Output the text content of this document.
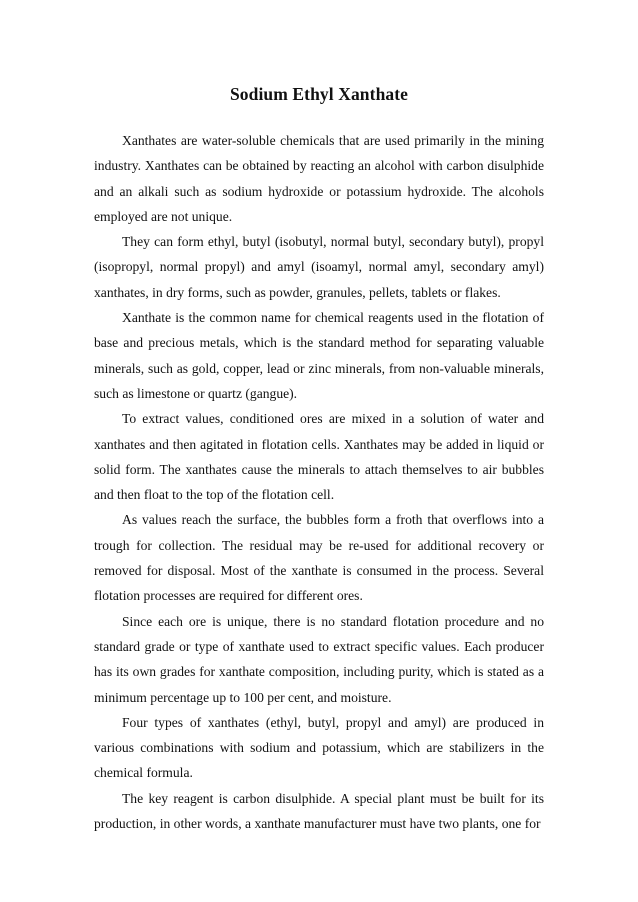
Sodium Ethyl Xanthate

Xanthates are water-soluble chemicals that are used primarily in the mining industry. Xanthates can be obtained by reacting an alcohol with carbon disulphide and an alkali such as sodium hydroxide or potassium hydroxide. The alcohols employed are not unique.

They can form ethyl, butyl (isobutyl, normal butyl, secondary butyl), propyl (isopropyl, normal propyl) and amyl (isoamyl, normal amyl, secondary amyl) xanthates, in dry forms, such as powder, granules, pellets, tablets or flakes.

Xanthate is the common name for chemical reagents used in the flotation of base and precious metals, which is the standard method for separating valuable minerals, such as gold, copper, lead or zinc minerals, from non-valuable minerals, such as limestone or quartz (gangue).

To extract values, conditioned ores are mixed in a solution of water and xanthates and then agitated in flotation cells. Xanthates may be added in liquid or solid form. The xanthates cause the minerals to attach themselves to air bubbles and then float to the top of the flotation cell.

As values reach the surface, the bubbles form a froth that overflows into a trough for collection. The residual may be re-used for additional recovery or removed for disposal. Most of the xanthate is consumed in the process. Several flotation processes are required for different ores.

Since each ore is unique, there is no standard flotation procedure and no standard grade or type of xanthate used to extract specific values. Each producer has its own grades for xanthate composition, including purity, which is stated as a minimum percentage up to 100 per cent, and moisture.

Four types of xanthates (ethyl, butyl, propyl and amyl) are produced in various combinations with sodium and potassium, which are stabilizers in the chemical formula.

The key reagent is carbon disulphide. A special plant must be built for its production, in other words, a xanthate manufacturer must have two plants, one for
